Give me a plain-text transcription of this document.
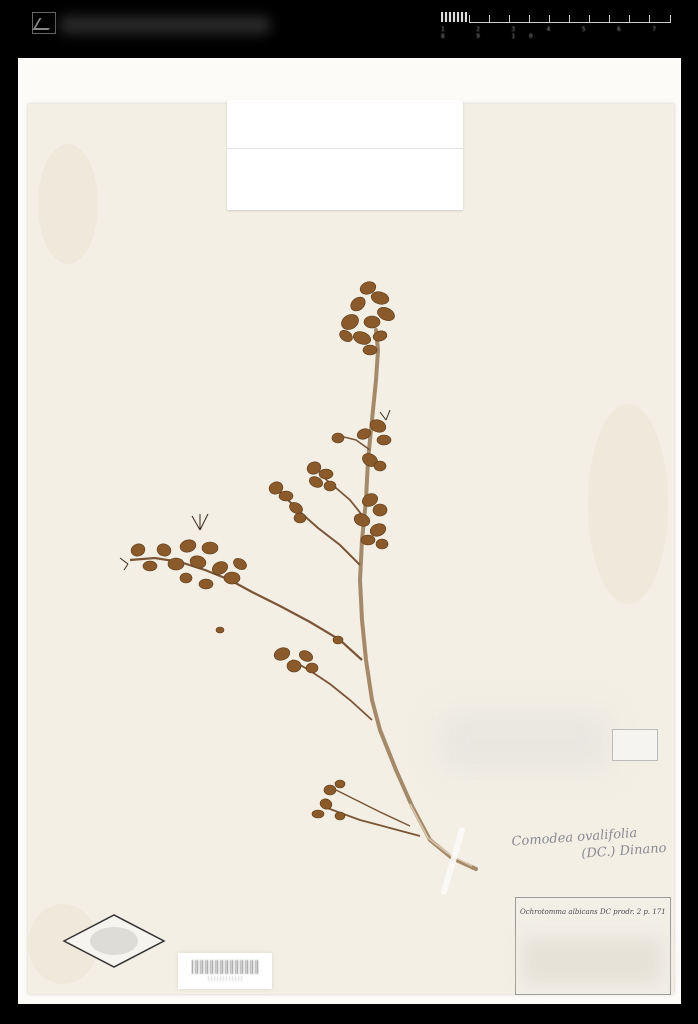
1 2 3 4 5 6 7 8 9 10
Comodea ovalifolia
(DC.) Dinano
Ochrotomma albicans DC prodr. 2 p. 171
||||||||||||
